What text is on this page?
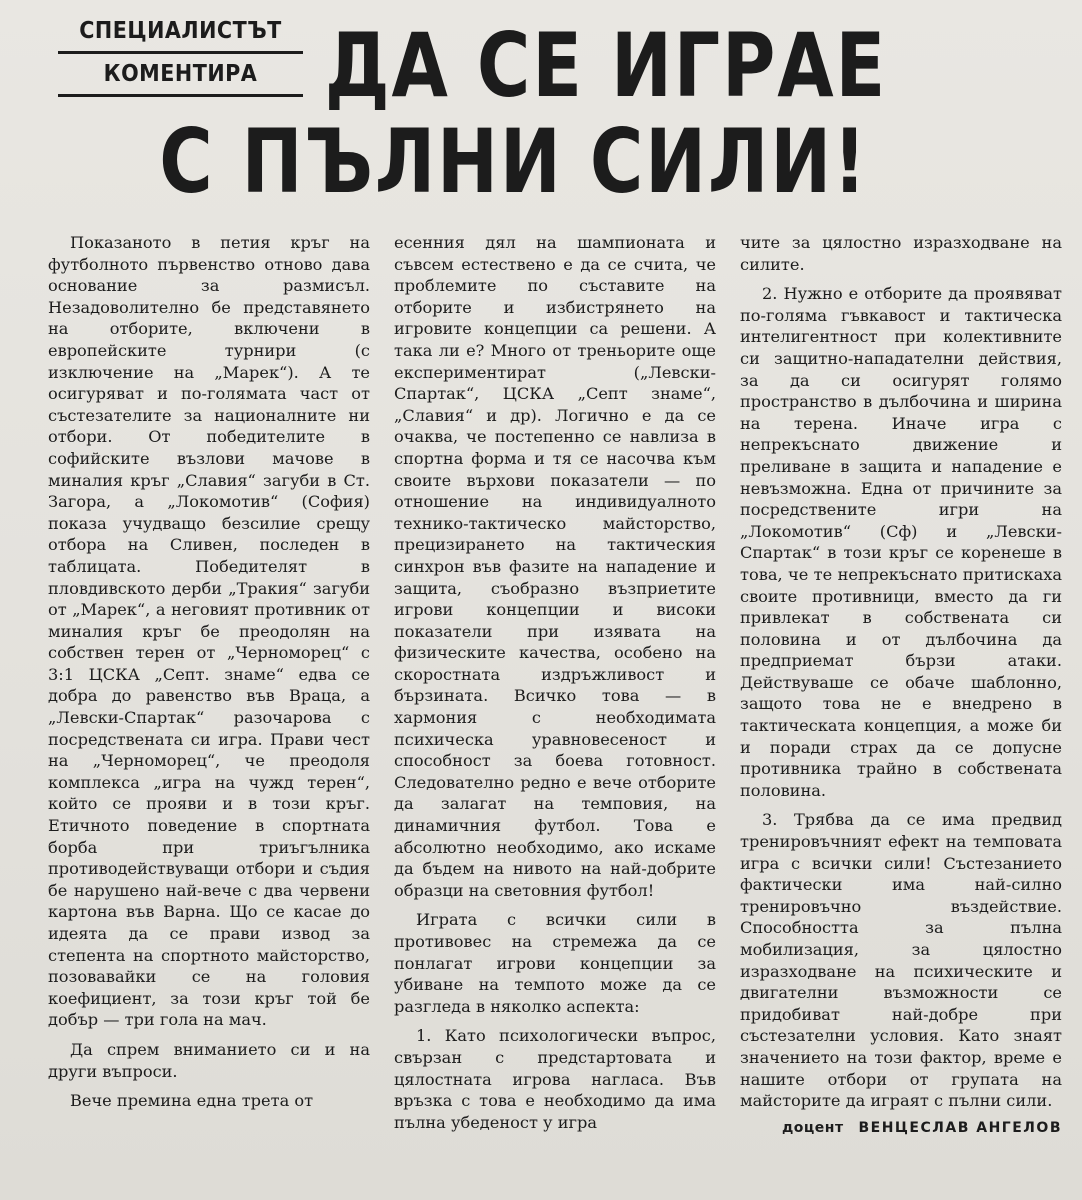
СПЕЦИАЛИСТЪТ
КОМЕНТИРА ДА СЕ ИГРАЕ
С ПЪЛНИ СИЛИ!

Показаното в петия кръг на футболното първенство отново дава основание за размисъл. Незадоволително бе представянето на отборите, включени в европейските турнири (с изключение на „Марек“). А те осигуряват и по-голямата част от състезателите за националните ни отбори. От победителите в софийските възлови мачове в миналия кръг „Славия“ загуби в Ст. Загора, а „Локомотив“ (София) показа учудващо безсилие срещу отбора на Сливен, последен в таблицата. Победителят в пловдивското дерби „Тракия“ загуби от „Марек“, а неговият противник от миналия кръг бе преодолян на собствен терен от „Черноморец“ с 3:1 ЦСКА „Септ. знаме“ едва се добра до равенство във Враца, а „Левски-Спартак“ разочарова с посредствената си игра. Прави чест на „Черноморец“, че преодоля комплекса „игра на чужд терен“, който се прояви и в този кръг. Етичното поведение в спортната борба при триъгълника противодействуващи отбори и съдия бе нарушено най-вече с два червени картона във Варна. Що се касае до идеята да се прави извод за степента на спортното майсторство, позовавайки се на головия коефициент, за този кръг той бе добър — три гола на мач.

Да спрем вниманието си и на други въпроси.

Вече премина една трета от

есенния дял на шампионата и съвсем естествено е да се счита, че проблемите по съставите на отборите и избистрянето на игровите концепции са решени. А така ли е? Много от треньорите още експериментират („Левски-Спартак“, ЦСКА „Септ знаме“, „Славия“ и др). Логично е да се очаква, че постепенно се навлиза в спортна форма и тя се насочва към своите върхови показатели — по отношение на индивидуалното технико-тактическо майсторство, прецизирането на тактическия синхрон във фазите на нападение и защита, съобразно възприетите игрови концепции и високи показатели при изявата на физическите качества, особено на скоростната издръжливост и бързината. Всичко това — в хармония с необходимата психическа уравновесеност и способност за боева готовност. Следователно редно е вече отборите да залагат на темповия, на динамичния футбол. Това е абсолютно необходимо, ако искаме да бъдем на нивото на най-добрите образци на световния футбол!

Играта с всички сили в противовес на стремежа да се понлагат игрови концепции за убиване на темпото може да се разгледа в няколко аспекта:

1. Като психологически въпрос, свързан с предстартовата и цялостната игрова нагласа. Във връзка с това е необходимо да има пълна убеденост у игра

чите за цялостно изразходване на силите.

2. Нужно е отборите да проявяват по-голяма гъвкавост и тактическа интелигентност при колективните си защитно-нападателни действия, за да си осигурят голямо пространство в дълбочина и ширина на терена. Иначе игра с непрекъснато движение и преливане в защита и нападение е невъзможна. Една от причините за посредствените игри на „Локомотив“ (Сф) и „Левски-Спартак“ в този кръг се коренеше в това, че те непрекъснато притискаха своите противници, вместо да ги привлекат в собствената си половина и от дълбочина да предприемат бързи атаки. Действуваше се обаче шаблонно, защото това не е внедрено в тактическата концепция, а може би и поради страх да се допусне противника трайно в собствената половина.

3. Трябва да се има предвид тренировъчният ефект на темповата игра с всички сили! Състезанието фактически има най-силно тренировъчно въздействие. Способността за пълна мобилизация, за цялостно изразходване на психическите и двигателни възможности се придобиват най-добре при състезателни условия. Като знаят значението на този фактор, време е нашите отбори от групата на майсторите да играят с пълни сили.

доцент ВЕНЦЕСЛАВ АНГЕЛОВ
